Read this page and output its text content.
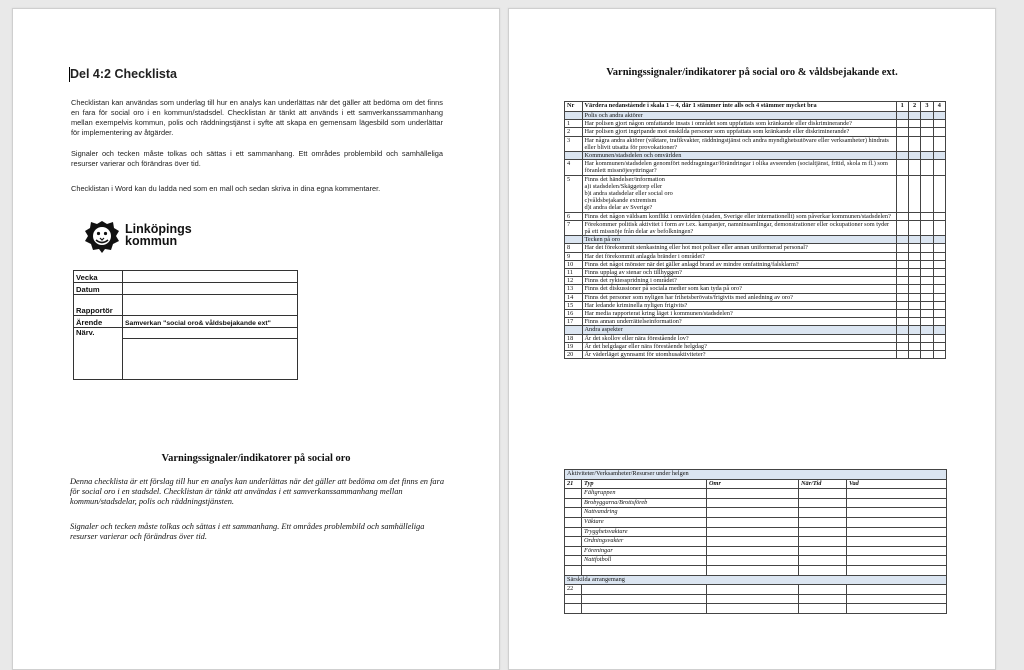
Del 4:2 Checklista
Checklistan kan användas som underlag till hur en analys kan underlättas när det gäller att bedöma om det finns en fara för social oro i en kommun/stadsdel. Checklistan är tänkt att används i ett samverkanssammanhang mellan exempelvis kommun, polis och räddningstjänst i syfte att skapa en gemensam lägesbild som underlättar för implementering av åtgärder.
Signaler och tecken måste tolkas och sättas i ett sammanhang. Ett områdes problembild och samhälleliga resurser varierar och förändras över tid.
Checklistan i Word kan du ladda ned som en mall och sedan skriva in dina egna kommentarer.
Linköpings
kommun
Vecka	
Datum	
Rapportör	
Ärende	Samverkan "social oro& våldsbejakande ext"
Närv.	

Varningssignaler/indikatorer på social oro
Denna checklista är ett förslag till hur en analys kan underlättas när det gäller att bedöma om det finns en fara för social oro i en stadsdel. Checklistan är tänkt att användas i ett samverkanssammanhang mellan kommun/stadsdelar, polis och räddningstjänsten.
Signaler och tecken måste tolkas och sättas i ett sammanhang. Ett områdes problembild och samhälleliga resurser varierar och förändras över tid.
Varningssignaler/indikatorer på social oro & våldsbejakande ext.
Nr	Värdera nedanstående i skala 1 – 4, där 1 stämmer inte alls och 4 stämmer mycket bra	1	2	3	4
	Polis och andra aktörer				
1	Har polisen gjort någon omfattande insats i området som uppfattats som kränkande eller diskriminerande?				
2	Har polisen gjort ingripande mot enskilda personer som uppfattats som kränkande eller diskriminerande?				
3	Har några andra aktörer (väktare, trafikvakter, räddningstjänst och andra myndighetsutövare eller verksamheter) hindrats eller blivit utsatta för provokationer?				
	Kommunen/stadsdelen och omvärlden				
4	Har kommunen/stadsdelen genomfört neddragningar/förändringar i olika avseenden (socialtjänst, fritid, skola m fl.) som föranlett missnöjesyttringar?				
5	Finns det händelser/information
a)i stadsdelen/Skäggetorp eller
b)i andra stadsdelar eller social oro
c)våldsbejakande extremism
d)i andra delar av Sverige?				
6	Finns det någon väldsam konflikt i omvärlden (staden, Sverige eller internationellt) som påverkar kommunen/stadsdelen?				
7	Förekommer politisk aktivitet i form av t.ex. kampanjer, namninsamlingar, demonstrationer eller ockupationer som tyder på ett missnöje från delar av befolkningen?				
	Tecken på oro				
8	Har det förekommit stenkastning eller hot mot poliser eller annan uniformerad personal?				
9	Har det förekommit anlagda bränder i området?				
10	Finns det något mönster när det gäller anlagd brand av mindre omfattning/falsklarm?				
11	Finns upplag av stenar och tillhyggen?				
12	Finns det ryktesspridning i området?				
13	Finns det diskussioner på sociala medier som kan tyda på oro?				
14	Finns det personer som nyligen har frihetsberövats/frigivits med anledning av oro?				
15	Har ledande kriminella nyligen frigivits?				
16	Har media rapporterat kring läget i kommunen/stadsdelen?				
17	Finns annan underrättelseinformation?				
	Andra aspekter				
18	Är det skollov eller nära förestående lov?				
19	Är det helgdagar eller nära förestående helgdag?				
20	Är väderläget gynnsamt för utomhusaktiviteter?				
Aktiviteter/Verksamheter/Resurser under helgen				
21	Typ	Omr	När/Tid	Vad
	Fältgruppen			
	Brobyggarna/Brottsföreb			
	Nattvandring			
	Väktare			
	Trygghetsvaktare			
	Ordningsvakter			
	Föreningar			
	Nattfotboll			

Särskilda arrangemang				
22				
